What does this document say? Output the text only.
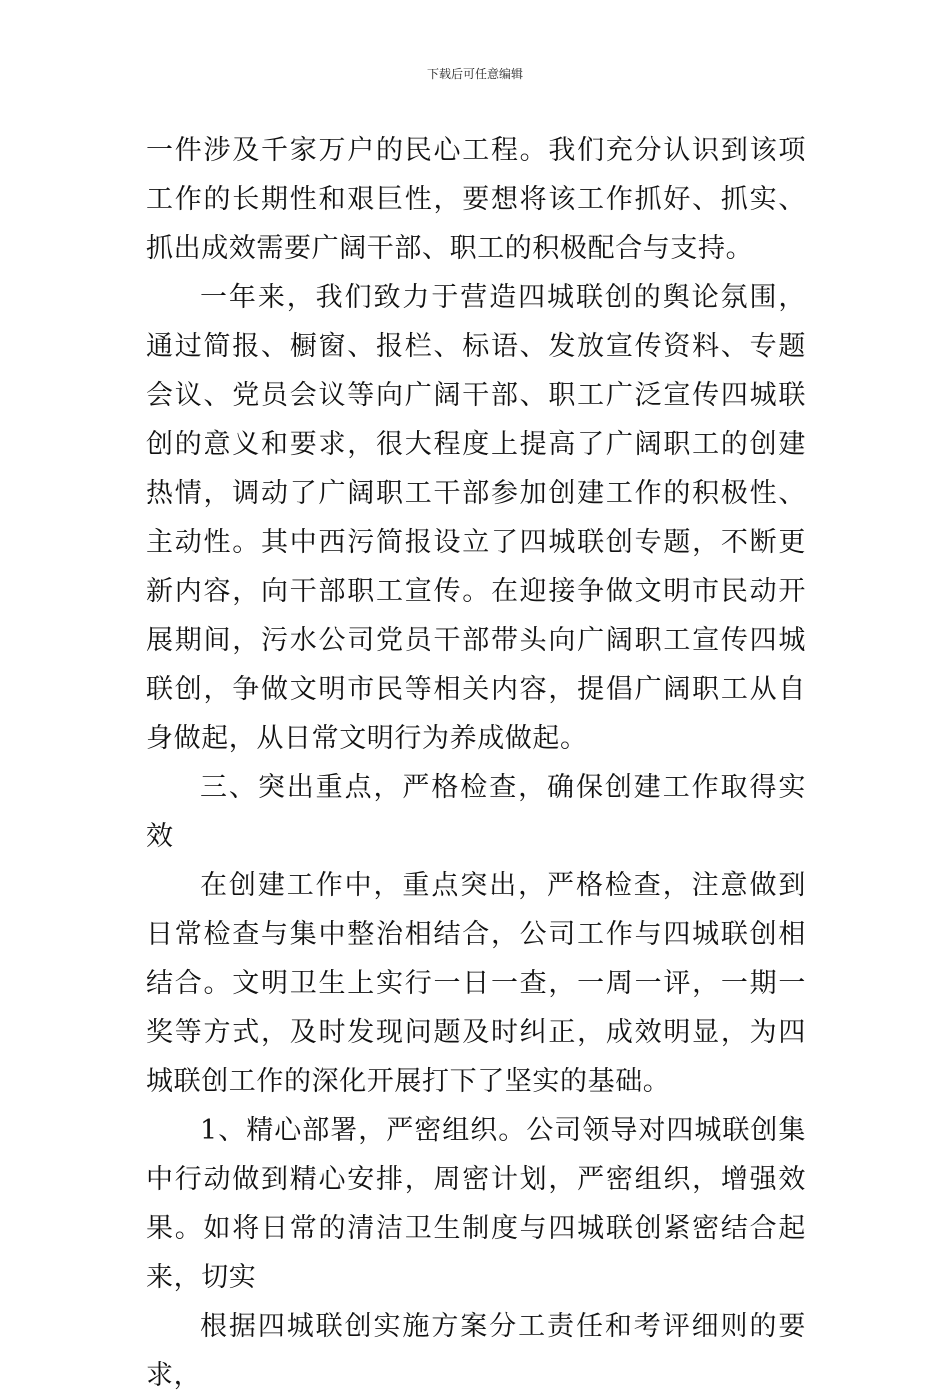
下载后可任意编辑

一件涉及千家万户的民心工程。我们充分认识到该项工作的长期性和艰巨性，要想将该工作抓好、抓实、抓出成效需要广阔干部、职工的积极配合与支持。

一年来，我们致力于营造四城联创的舆论氛围，通过简报、橱窗、报栏、标语、发放宣传资料、专题会议、党员会议等向广阔干部、职工广泛宣传四城联创的意义和要求，很大程度上提高了广阔职工的创建热情，调动了广阔职工干部参加创建工作的积极性、主动性。其中西污简报设立了四城联创专题，不断更新内容，向干部职工宣传。在迎接争做文明市民动开展期间，污水公司党员干部带头向广阔职工宣传四城联创，争做文明市民等相关内容，提倡广阔职工从自身做起，从日常文明行为养成做起。

三、突出重点，严格检查，确保创建工作取得实效

在创建工作中，重点突出，严格检查，注意做到日常检查与集中整治相结合，公司工作与四城联创相结合。文明卫生上实行一日一查，一周一评，一期一奖等方式，及时发现问题及时纠正，成效明显，为四城联创工作的深化开展打下了坚实的基础。

1、精心部署，严密组织。公司领导对四城联创集中行动做到精心安排，周密计划，严密组织，增强效果。如将日常的清洁卫生制度与四城联创紧密结合起来，切实

根据四城联创实施方案分工责任和考评细则的要求，
